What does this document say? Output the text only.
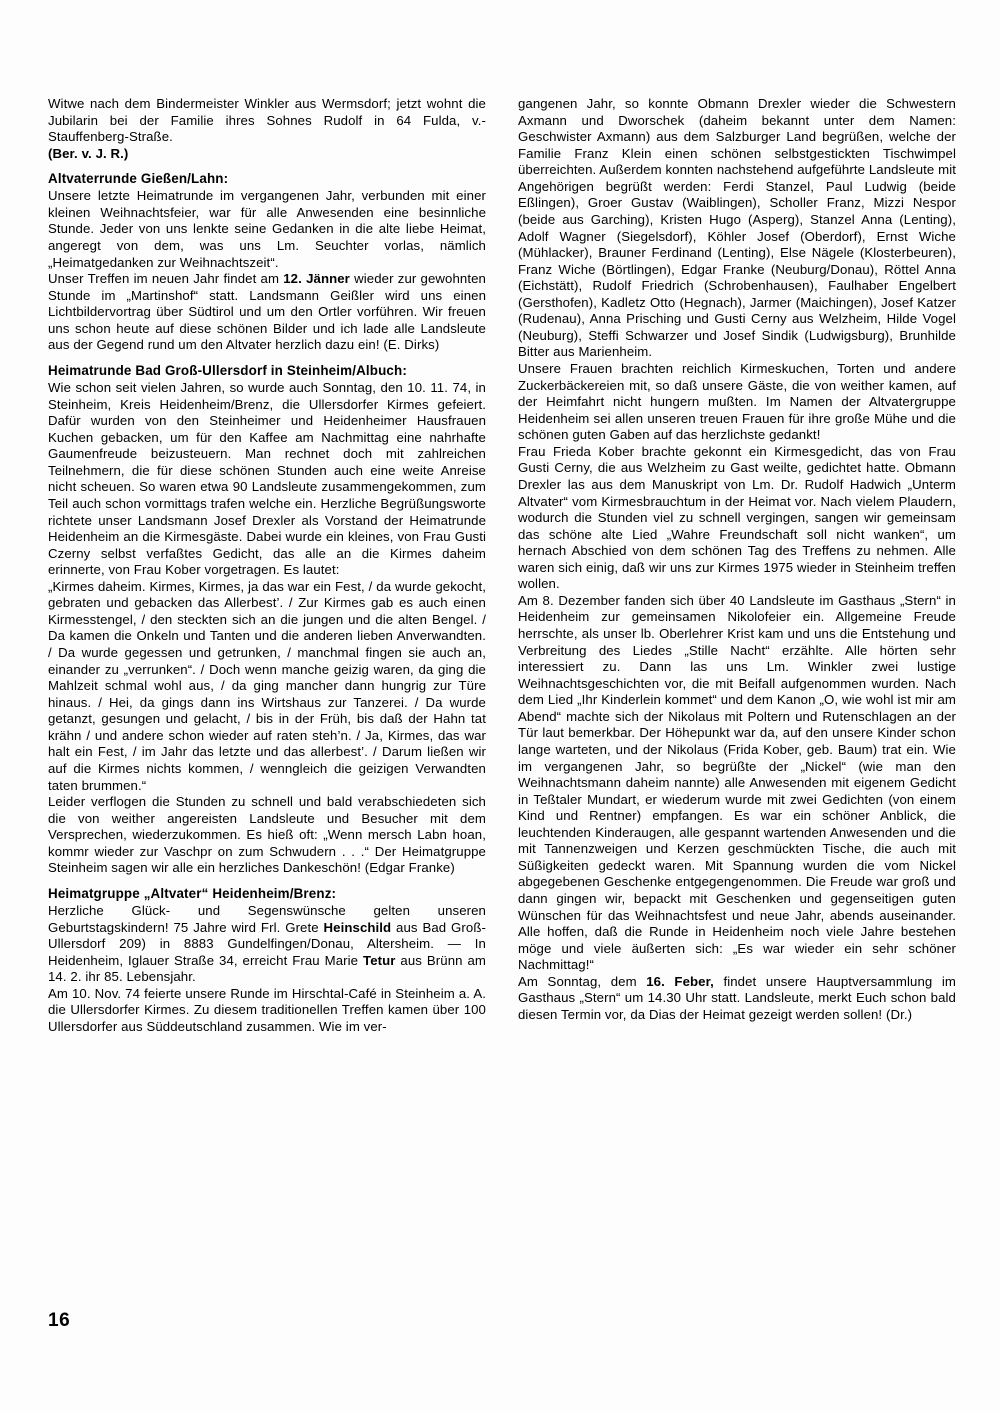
Witwe nach dem Bindermeister Winkler aus Wermsdorf; jetzt wohnt die Jubilarin bei der Familie ihres Sohnes Rudolf in 64 Fulda, v.-Stauffenberg-Straße.

(Ber. v. J. R.)

Altvaterrunde Gießen/Lahn:

Unsere letzte Heimatrunde im vergangenen Jahr, verbunden mit einer kleinen Weihnachtsfeier, war für alle Anwesenden eine besinnliche Stunde. Jeder von uns lenkte seine Gedanken in die alte liebe Heimat, angeregt von dem, was uns Lm. Seuchter vorlas, nämlich „Heimatgedanken zur Weihnachtszeit“.

Unser Treffen im neuen Jahr findet am 12. Jänner wieder zur gewohnten Stunde im „Martinshof“ statt. Landsmann Geißler wird uns einen Lichtbildervortrag über Südtirol und um den Ortler vorführen. Wir freuen uns schon heute auf diese schönen Bilder und ich lade alle Landsleute aus der Gegend rund um den Altvater herzlich dazu ein! (E. Dirks)

Heimatrunde Bad Groß-Ullersdorf in Steinheim/Albuch:

Wie schon seit vielen Jahren, so wurde auch Sonntag, den 10. 11. 74, in Steinheim, Kreis Heidenheim/Brenz, die Ullersdorfer Kirmes gefeiert. Dafür wurden von den Steinheimer und Heidenheimer Hausfrauen Kuchen gebacken, um für den Kaffee am Nachmittag eine nahrhafte Gaumenfreude beizusteuern. Man rechnet doch mit zahlreichen Teilnehmern, die für diese schönen Stunden auch eine weite Anreise nicht scheuen. So waren etwa 90 Landsleute zusammengekommen, zum Teil auch schon vormittags trafen welche ein. Herzliche Begrüßungsworte richtete unser Landsmann Josef Drexler als Vorstand der Heimatrunde Heidenheim an die Kirmesgäste. Dabei wurde ein kleines, von Frau Gusti Czerny selbst verfaßtes Gedicht, das alle an die Kirmes daheim erinnerte, von Frau Kober vorgetragen. Es lautet:

„Kirmes daheim. Kirmes, Kirmes, ja das war ein Fest, / da wurde gekocht, gebraten und gebacken das Allerbest’. / Zur Kirmes gab es auch einen Kirmesstengel, / den steckten sich an die jungen und die alten Bengel. / Da kamen die Onkeln und Tanten und die anderen lieben Anverwandten. / Da wurde gegessen und getrunken, / manchmal fingen sie auch an, einander zu „verrunken“. / Doch wenn manche geizig waren, da ging die Mahlzeit schmal wohl aus, / da ging mancher dann hungrig zur Türe hinaus. / Hei, da gings dann ins Wirtshaus zur Tanzerei. / Da wurde getanzt, gesungen und gelacht, / bis in der Früh, bis daß der Hahn tat krähn / und andere schon wieder auf raten steh’n. / Ja, Kirmes, das war halt ein Fest, / im Jahr das letzte und das allerbest’. / Darum ließen wir auf die Kirmes nichts kommen, / wenngleich die geizigen Verwandten taten brummen.“

Leider verflogen die Stunden zu schnell und bald verabschiedeten sich die von weither angereisten Landsleute und Besucher mit dem Versprechen, wiederzukommen. Es hieß oft: „Wenn mersch Labn hoan, kommr wieder zur Vaschpr on zum Schwudern . . .“ Der Heimatgruppe Steinheim sagen wir alle ein herzliches Dankeschön! (Edgar Franke)

Heimatgruppe „Altvater“ Heidenheim/Brenz:

Herzliche Glück- und Segenswünsche gelten unseren Geburtstagskindern! 75 Jahre wird Frl. Grete Heinschild aus Bad Groß-Ullersdorf 209) in 8883 Gundelfingen/Donau, Altersheim. — In Heidenheim, Iglauer Straße 34, erreicht Frau Marie Tetur aus Brünn am 14. 2. ihr 85. Lebensjahr.

Am 10. Nov. 74 feierte unsere Runde im Hirschtal-Café in Steinheim a. A. die Ullersdorfer Kirmes. Zu diesem traditionellen Treffen kamen über 100 Ullersdorfer aus Süddeutschland zusammen. Wie im ver-

gangenen Jahr, so konnte Obmann Drexler wieder die Schwestern Axmann und Dworschek (daheim bekannt unter dem Namen: Geschwister Axmann) aus dem Salzburger Land begrüßen, welche der Familie Franz Klein einen schönen selbstgestickten Tischwimpel überreichten. Außerdem konnten nachstehend aufgeführte Landsleute mit Angehörigen begrüßt werden: Ferdi Stanzel, Paul Ludwig (beide Eßlingen), Groer Gustav (Waiblingen), Scholler Franz, Mizzi Nespor (beide aus Garching), Kristen Hugo (Asperg), Stanzel Anna (Lenting), Adolf Wagner (Siegelsdorf), Köhler Josef (Oberdorf), Ernst Wiche (Mühlacker), Brauner Ferdinand (Lenting), Else Nägele (Klosterbeuren), Franz Wiche (Börtlingen), Edgar Franke (Neuburg/Donau), Röttel Anna (Eichstätt), Rudolf Friedrich (Schrobenhausen), Faulhaber Engelbert (Gersthofen), Kadletz Otto (Hegnach), Jarmer (Maichingen), Josef Katzer (Rudenau), Anna Prisching und Gusti Cerny aus Welzheim, Hilde Vogel (Neuburg), Steffi Schwarzer und Josef Sindik (Ludwigsburg), Brunhilde Bitter aus Marienheim.

Unsere Frauen brachten reichlich Kirmeskuchen, Torten und andere Zuckerbäckereien mit, so daß unsere Gäste, die von weither kamen, auf der Heimfahrt nicht hungern mußten. Im Namen der Altvatergruppe Heidenheim sei allen unseren treuen Frauen für ihre große Mühe und die schönen guten Gaben auf das herzlichste gedankt!

Frau Frieda Kober brachte gekonnt ein Kirmesgedicht, das von Frau Gusti Cerny, die aus Welzheim zu Gast weilte, gedichtet hatte. Obmann Drexler las aus dem Manuskript von Lm. Dr. Rudolf Hadwich „Unterm Altvater“ vom Kirmesbrauchtum in der Heimat vor. Nach vielem Plaudern, wodurch die Stunden viel zu schnell vergingen, sangen wir gemeinsam das schöne alte Lied „Wahre Freundschaft soll nicht wanken“, um hernach Abschied von dem schönen Tag des Treffens zu nehmen. Alle waren sich einig, daß wir uns zur Kirmes 1975 wieder in Steinheim treffen wollen.

Am 8. Dezember fanden sich über 40 Landsleute im Gasthaus „Stern“ in Heidenheim zur gemeinsamen Nikolofeier ein. Allgemeine Freude herrschte, als unser lb. Oberlehrer Krist kam und uns die Entstehung und Verbreitung des Liedes „Stille Nacht“ erzählte. Alle hörten sehr interessiert zu. Dann las uns Lm. Winkler zwei lustige Weihnachtsgeschichten vor, die mit Beifall aufgenommen wurden. Nach dem Lied „Ihr Kinderlein kommet“ und dem Kanon „O, wie wohl ist mir am Abend“ machte sich der Nikolaus mit Poltern und Rutenschlagen an der Tür laut bemerkbar. Der Höhepunkt war da, auf den unsere Kinder schon lange warteten, und der Nikolaus (Frida Kober, geb. Baum) trat ein. Wie im vergangenen Jahr, so begrüßte der „Nickel“ (wie man den Weihnachtsmann daheim nannte) alle Anwesenden mit eigenem Gedicht in Teßtaler Mundart, er wiederum wurde mit zwei Gedichten (von einem Kind und Rentner) empfangen. Es war ein schöner Anblick, die leuchtenden Kinderaugen, alle gespannt wartenden Anwesenden und die mit Tannenzweigen und Kerzen geschmückten Tische, die auch mit Süßigkeiten gedeckt waren. Mit Spannung wurden die vom Nickel abgegebenen Geschenke entgegengenommen. Die Freude war groß und dann gingen wir, bepackt mit Geschenken und gegenseitigen guten Wünschen für das Weihnachtsfest und neue Jahr, abends auseinander. Alle hoffen, daß die Runde in Heidenheim noch viele Jahre bestehen möge und viele äußerten sich: „Es war wieder ein sehr schöner Nachmittag!“

Am Sonntag, dem 16. Feber, findet unsere Hauptversammlung im Gasthaus „Stern“ um 14.30 Uhr statt. Landsleute, merkt Euch schon bald diesen Termin vor, da Dias der Heimat gezeigt werden sollen! (Dr.)

16
